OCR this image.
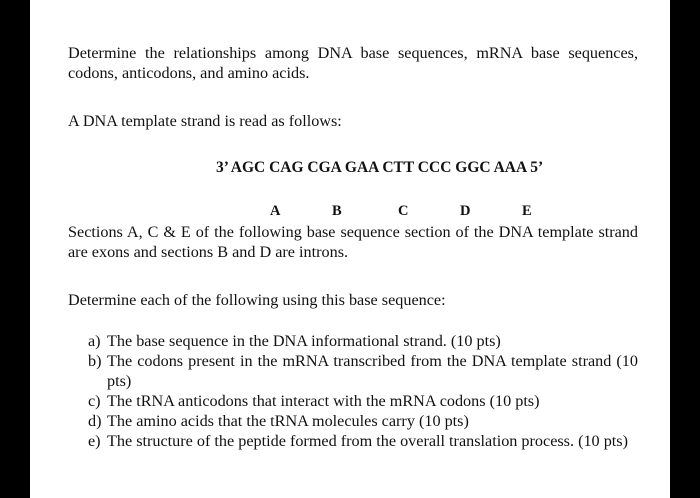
Determine the relationships among DNA base sequences, mRNA base sequences, codons, anticodons, and amino acids.

A DNA template strand is read as follows:

3’ AGC CAG CGA GAA CTT CCC GGC AAA 5’
A	B	C	D	E

Sections A, C & E of the following base sequence section of the DNA template strand are exons and sections B and D are introns.

Determine each of the following using this base sequence:

a) The base sequence in the DNA informational strand. (10 pts)
b) The codons present in the mRNA transcribed from the DNA template strand (10 pts)
c) The tRNA anticodons that interact with the mRNA codons (10 pts)
d) The amino acids that the tRNA molecules carry (10 pts)
e) The structure of the peptide formed from the overall translation process. (10 pts)
